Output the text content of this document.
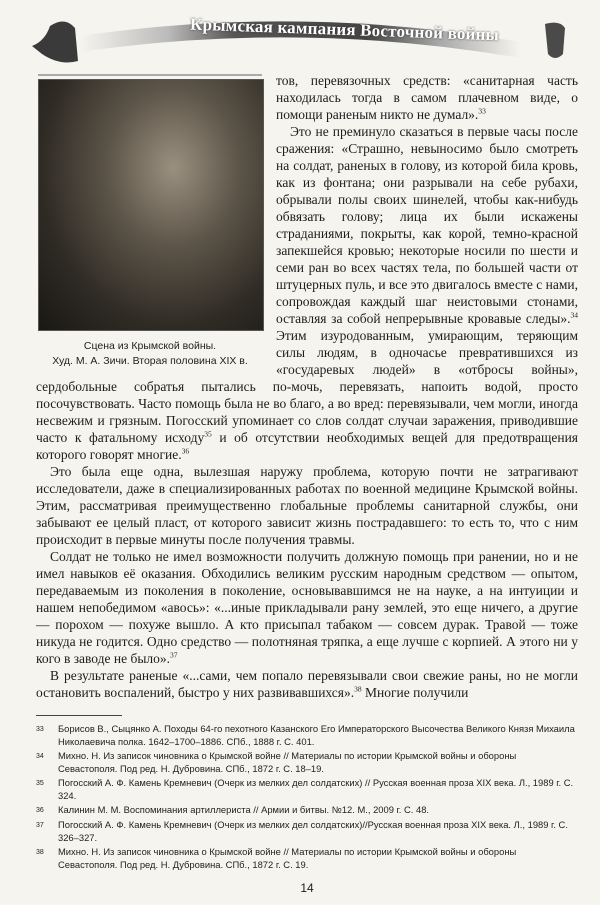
Крымская кампания Восточной войны
Сцена из Крымской войны.
Худ. М. А. Зичи. Вторая половина XIX в.

тов, перевязочных средств: «санитарная часть находилась тогда в самом плачевном виде, о помощи раненым никто не думал».$^{33}$

Это не преминуло сказаться в первые часы после сражения: «Страшно, невыносимо было смотреть на солдат, раненых в голову, из которой била кровь, как из фонтана; они разрывали на себе рубахи, обрывали полы своих шинелей, чтобы как-нибудь обвязать голову; лица их были искажены страданиями, покрыты, как корой, темно-красной запекшейся кровью; некоторые носили по шести и семи ран во всех частях тела, по большей части от штуцерных пуль, и все это двигалось вместе с нами, сопровождая каждый шаг неистовыми стонами, оставляя за собой непрерывные кровавые следы».$^{34}$ Этим изуродованным, умирающим, теряющим силы людям, в одночасье превратившихся из «государевых людей» в «отбросы войны», сердобольные собратья пытались по-мочь, перевязать, напоить водой, просто посочувствовать. Часто помощь была не во благо, а во вред: перевязывали, чем могли, иногда несвежим и грязным. Погосский упоминает со слов солдат случаи заражения, приводившие часто к фатальному исходу$^{35}$ и об отсутствии необходимых вещей для предотвращения которого говорят многие.$^{36}$

Это была еще одна, вылезшая наружу проблема, которую почти не затрагивают исследователи, даже в специализированных работах по военной медицине Крымской войны. Этим, рассматривая преимущественно глобальные проблемы санитарной службы, они забывают ее целый пласт, от которого зависит жизнь пострадавшего: то есть то, что с ним происходит в первые минуты после получения травмы.

Солдат не только не имел возможности получить должную помощь при ранении, но и не имел навыков её оказания. Обходились великим русским народным средством — опытом, передаваемым из поколения в поколение, основывавшимся не на науке, а на интуиции и нашем непобедимом «авось»: «...иные прикладывали рану землей, это еще ничего, а другие — порохом — похуже вышло. А кто присыпал табаком — совсем дурак. Травой — тоже никуда не годится. Одно средство — полотняная тряпка, а еще лучше с корпией. А этого ни у кого в заводе не было».$^{37}$

В результате раненые «...сами, чем попало перевязывали свои свежие раны, но не могли остановить воспалений, быстро у них развивавшихся».$^{38}$ Многие получили

33	Борисов В., Сыцянко А. Походы 64-го пехотного Казанского Его Императорского Высочества Великого Князя Михаила Николаевича полка. 1642–1700–1886. СПб., 1888 г. С. 401.
34	Михно. Н. Из записок чиновника о Крымской войне // Материалы по истории Крымской войны и обороны Севастополя. Под ред. Н. Дубровина. СПб., 1872 г. С. 18–19.
35	Погосский А. Ф. Камень Кремневич (Очерк из мелких дел солдатских) // Русская военная проза XIX века. Л., 1989 г. С. 324.
36	Калинин М. М. Воспоминания артиллериста // Армии и битвы. №12. М., 2009 г. С. 48.
37	Погосский А. Ф. Камень Кремневич (Очерк из мелких дел солдатских)//Русская военная проза XIX века. Л., 1989 г. С. 326–327.
38	Михно. Н. Из записок чиновника о Крымской войне // Материалы по истории Крымской войны и обороны Севастополя. Под ред. Н. Дубровина. СПб., 1872 г. С. 19.
14
